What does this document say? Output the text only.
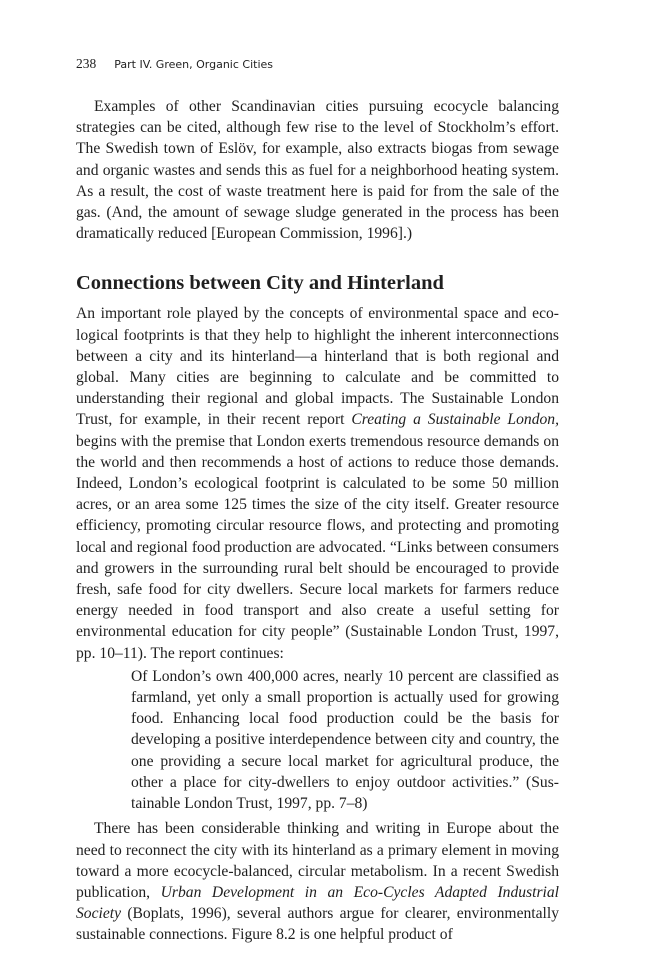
238 Part IV. Green, Organic Cities

Examples of other Scandinavian cities pursuing ecocycle balancing strategies can be cited, although few rise to the level of Stockholm’s effort. The Swedish town of Eslöv, for example, also extracts biogas from sewage and organic wastes and sends this as fuel for a neighborhood heating system. As a result, the cost of waste treatment here is paid for from the sale of the gas. (And, the amount of sewage sludge generated in the process has been dramatically reduced [European Commission, 1996].)

Connections between City and Hinterland

An important role played by the concepts of environmental space and ecological footprints is that they help to highlight the inherent interconnections between a city and its hinterland—a hinterland that is both regional and global. Many cities are beginning to calculate and be committed to understanding their regional and global impacts. The Sustainable London Trust, for example, in their recent report Creating a Sustainable London, begins with the premise that London exerts tremendous resource demands on the world and then recommends a host of actions to reduce those demands. Indeed, London’s ecological footprint is calculated to be some 50 million acres, or an area some 125 times the size of the city itself. Greater resource efficiency, promoting circular resource flows, and protecting and promoting local and regional food production are advocated. “Links between consumers and growers in the surrounding rural belt should be encouraged to provide fresh, safe food for city dwellers. Secure local markets for farmers reduce energy needed in food transport and also create a useful setting for environmental education for city people” (Sustainable London Trust, 1997, pp. 10–11). The report continues:

Of London’s own 400,000 acres, nearly 10 percent are classified as farmland, yet only a small proportion is actually used for growing food. Enhancing local food production could be the basis for developing a positive interdependence between city and country, the one providing a secure local market for agricultural produce, the other a place for city-dwellers to enjoy outdoor activities.” (Sustainable London Trust, 1997, pp. 7–8)

There has been considerable thinking and writing in Europe about the need to reconnect the city with its hinterland as a primary element in moving toward a more ecocycle-balanced, circular metabolism. In a recent Swedish publication, Urban Development in an Eco-Cycles Adapted Industrial Society (Boplats, 1996), several authors argue for clearer, environmentally sustainable connections. Figure 8.2 is one helpful product of
